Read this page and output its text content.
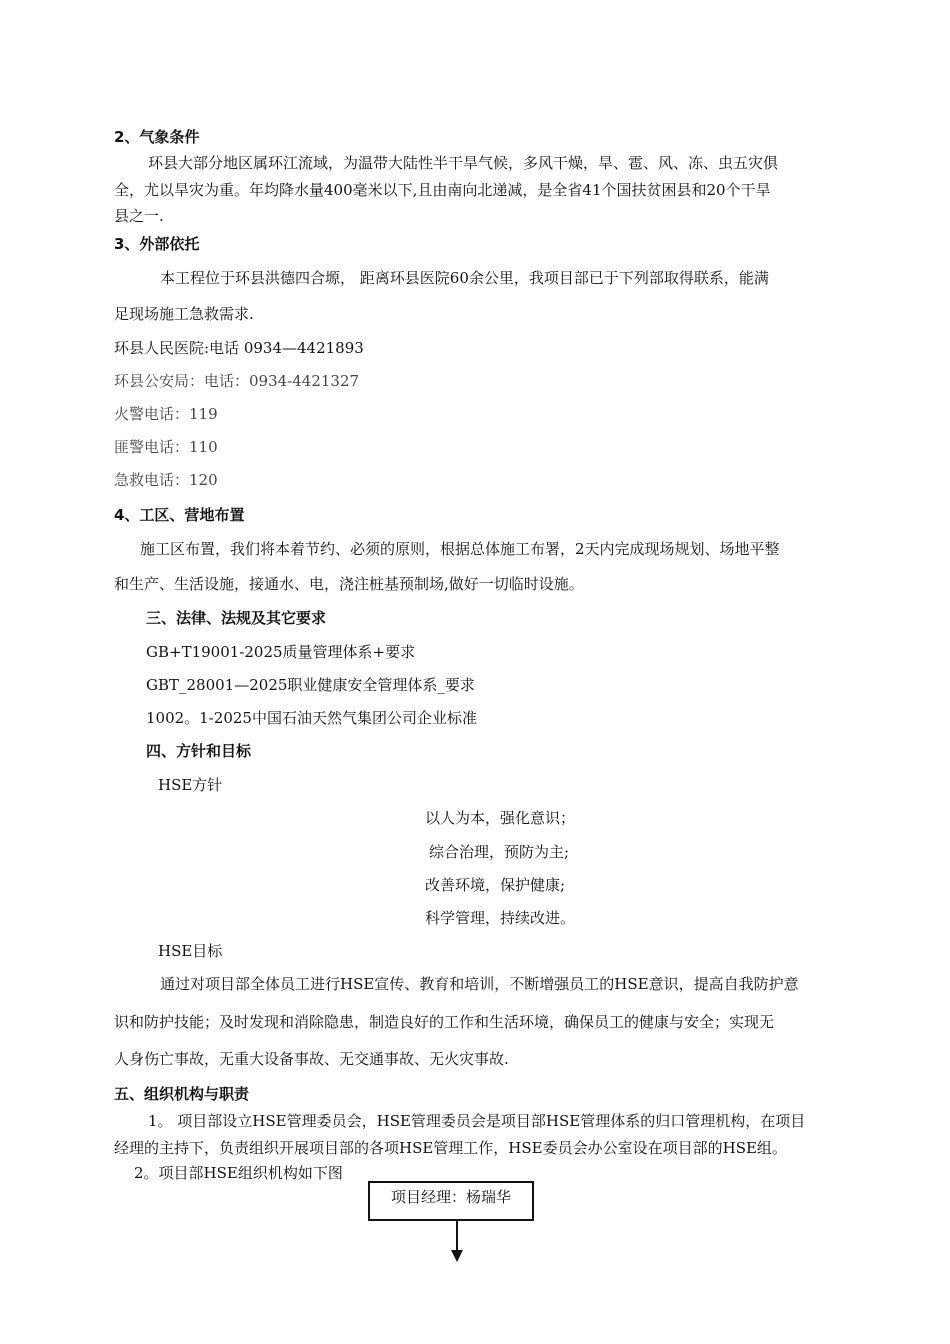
2、气象条件
环县大部分地区属环江流域，为温带大陆性半干旱气候，多风干燥，旱、雹、风、冻、虫五灾俱
全，尤以旱灾为重。年均降水量400毫米以下,且由南向北递减，是全省41个国扶贫困县和20个干旱
县之一.
3、外部依托
本工程位于环县洪德四合塬， 距离环县医院60余公里，我项目部已于下列部取得联系，能满
足现场施工急救需求.
环县人民医院:电话 0934—4421893
环县公安局：电话：0934-4421327
火警电话：119
匪警电话：110
急救电话：120
4、工区、营地布置
施工区布置，我们将本着节约、必须的原则，根据总体施工布署，2天内完成现场规划、场地平整
和生产、生活设施，接通水、电，浇注桩基预制场,做好一切临时设施。
三、法律、法规及其它要求
GB+T19001-2025质量管理体系+要求
GBT_28001—2025职业健康安全管理体系_要求
1002。1-2025中国石油天然气集团公司企业标准
四、方针和目标
HSE方针
以人为本，强化意识；
综合治理，预防为主;
改善环境，保护健康;
科学管理，持续改进。
HSE目标
通过对项目部全体员工进行HSE宣传、教育和培训，不断增强员工的HSE意识，提高自我防护意
识和防护技能；及时发现和消除隐患，制造良好的工作和生活环境，确保员工的健康与安全；实现无
人身伤亡事故，无重大设备事故、无交通事故、无火灾事故.
五、组织机构与职责
1。 项目部设立HSE管理委员会，HSE管理委员会是项目部HSE管理体系的归口管理机构，在项目
经理的主持下，负责组织开展项目部的各项HSE管理工作，HSE委员会办公室设在项目部的HSE组。
2。项目部HSE组织机构如下图
项目经理：杨瑞华
